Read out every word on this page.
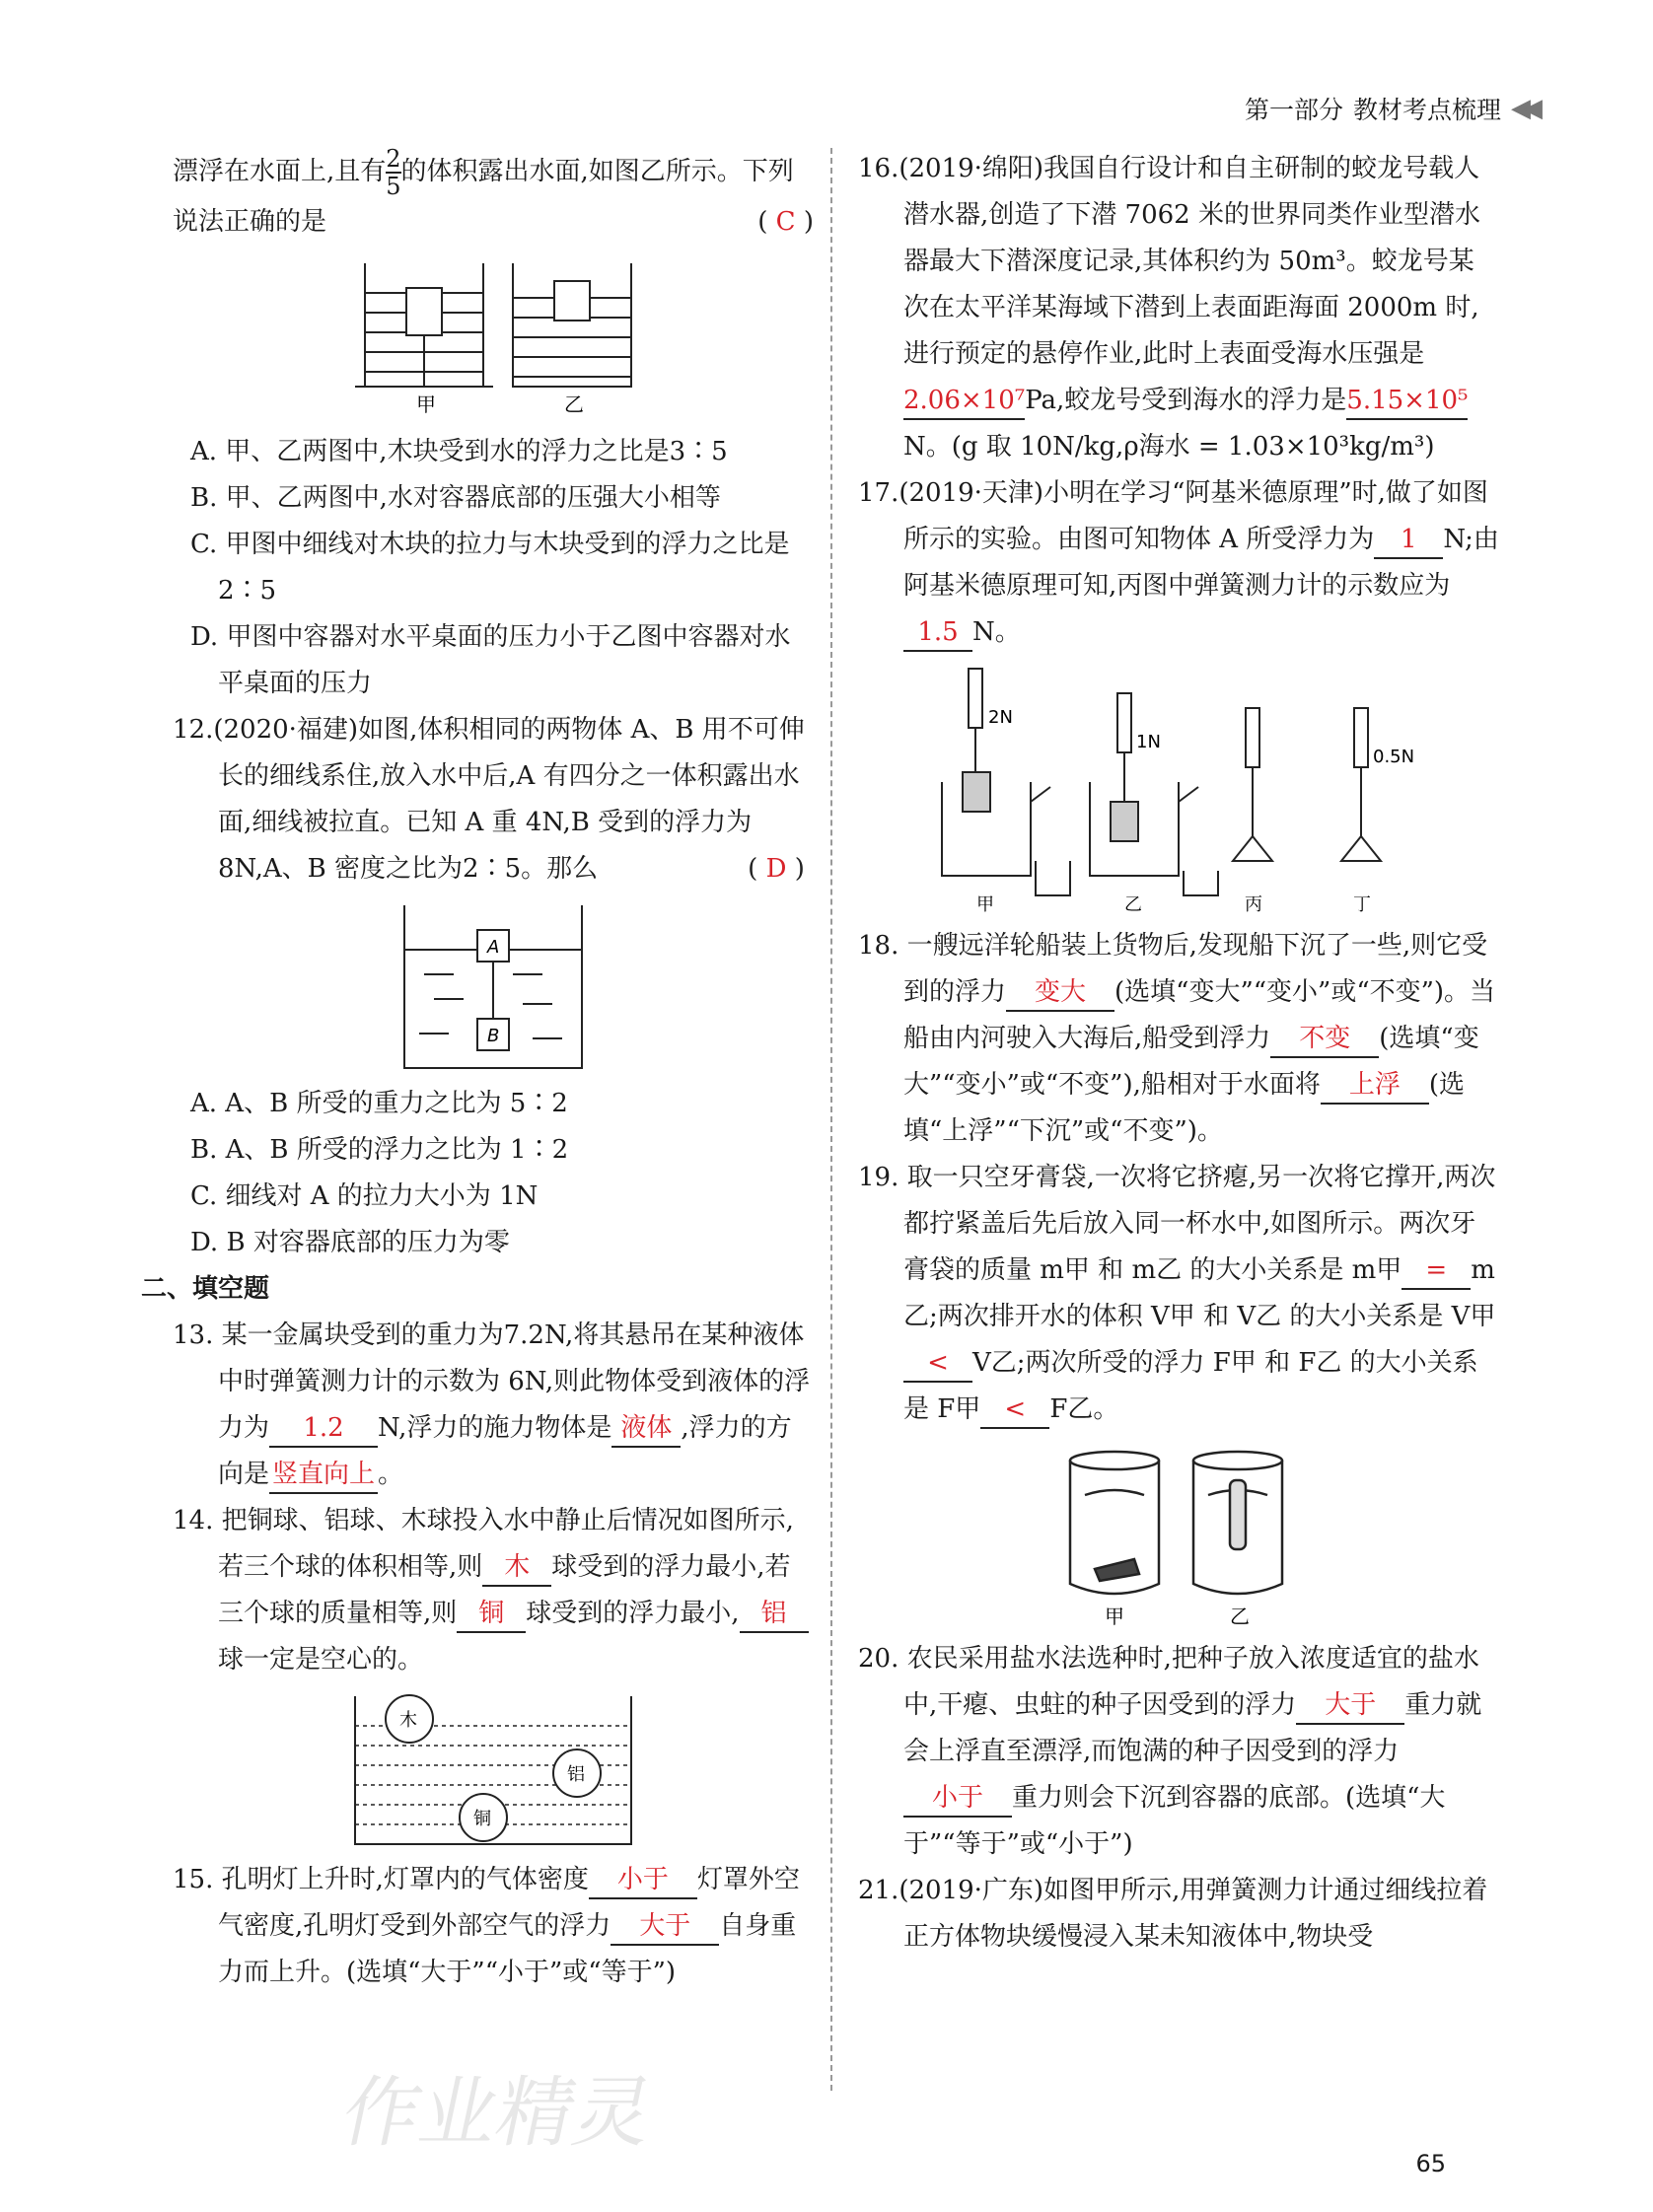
第一部分 教材考点梳理 ◀◀

漂浮在水面上,且有 $\frac{2}{5}$ 的体积露出水面,如图乙所示。下列说法正确的是	( C )

甲	乙

A. 甲、乙两图中,木块受到水的浮力之比是3∶5

B. 甲、乙两图中,水对容器底部的压强大小相等

C. 甲图中细线对木块的拉力与木块受到的浮力之比是2∶5

D. 甲图中容器对水平桌面的压力小于乙图中容器对水平桌面的压力

12.(2020·福建)如图,体积相同的两物体 A、B 用不可伸长的细线系住,放入水中后,A 有四分之一体积露出水面,细线被拉直。已知 A 重 4N,B 受到的浮力为 8N,A、B 密度之比为2∶5。那么	( D )

A
B

A. A、B 所受的重力之比为 5∶2

B. A、B 所受的浮力之比为 1∶2

C. 细线对 A 的拉力大小为 1N

D. B 对容器底部的压力为零

二、填空题

13. 某一金属块受到的重力为7.2N,将其悬吊在某种液体中时弹簧测力计的示数为 6N,则此物体受到液体的浮力为 1.2 N,浮力的施力物体是 液体 ,浮力的方向是 竖直向上 。

14. 把铜球、铝球、木球投入水中静止后情况如图所示,若三个球的体积相等,则 木 球受到的浮力最小,若三个球的质量相等,则 铜 球受到的浮力最小, 铝球一定是空心的。

木
铝
铜

15. 孔明灯上升时,灯罩内的气体密度 小于 灯罩外空气密度,孔明灯受到外部空气的浮力 大于 自身重力而上升。(选填“大于”“小于”或“等于”)

16.(2019·绵阳)我国自行设计和自主研制的蛟龙号载人潜水器,创造了下潜 7062 米的世界同类作业型潜水器最大下潜深度记录,其体积约为 50m³。蛟龙号某次在太平洋某海域下潜到上表面距海面 2000m 时,进行预定的悬停作业,此时上表面受海水压强是2.06×10⁷Pa,蛟龙号受到海水的浮力是5.15×10⁵N。(g 取 10N/kg,ρ海水 = 1.03×10³kg/m³)

17.(2019·天津)小明在学习“阿基米德原理”时,做了如图所示的实验。由图可知物体 A 所受浮力为 1 N;由阿基米德原理可知,丙图中弹簧测力计的示数应为1.5 N。

2N
1N
0.5N
甲	乙	丙	丁

18. 一艘远洋轮船装上货物后,发现船下沉了一些,则它受到的浮力 变大 (选填“变大”“变小”或“不变”)。当船由内河驶入大海后,船受到浮力 不变 (选填“变大”“变小”或“不变”),船相对于水面将 上浮 (选填“上浮”“下沉”或“不变”)。

19. 取一只空牙膏袋,一次将它挤瘪,另一次将它撑开,两次都拧紧盖后先后放入同一杯水中,如图所示。两次牙膏袋的质量 m甲 和 m乙 的大小关系是 m甲 = m乙;两次排开水的体积 V甲 和 V乙 的大小关系是 V甲< V乙;两次所受的浮力 F甲 和 F乙 的大小关系是 F甲 < F乙。

甲	乙

20. 农民采用盐水法选种时,把种子放入浓度适宜的盐水中,干瘪、虫蛀的种子因受到的浮力 大于 重力就会上浮直至漂浮,而饱满的种子因受到的浮力小于 重力则会下沉到容器的底部。(选填“大于”“等于”或“小于”)

21.(2019·广东)如图甲所示,用弹簧测力计通过细线拉着正方体物块缓慢浸入某未知液体中,物块受

作业精灵
65
